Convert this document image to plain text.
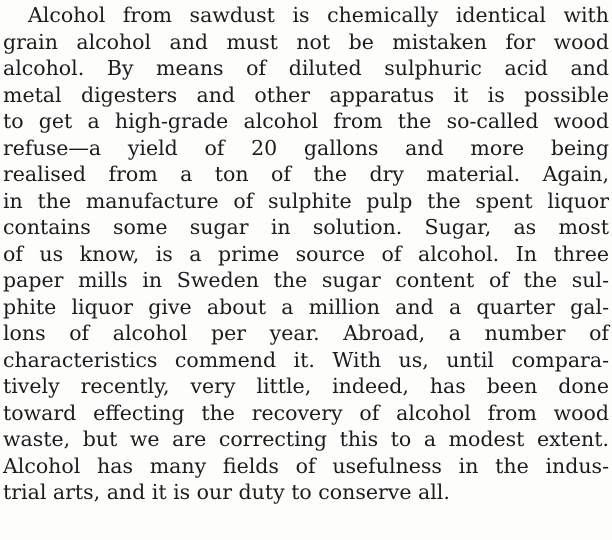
Alcohol from sawdust is chemically identical with
grain alcohol and must not be mistaken for wood
alcohol. By means of diluted sulphuric acid and
metal digesters and other apparatus it is possible
to get a high-grade alcohol from the so-called wood
refuse—a yield of 20 gallons and more being
realised from a ton of the dry material. Again,
in the manufacture of sulphite pulp the spent liquor
contains some sugar in solution. Sugar, as most
of us know, is a prime source of alcohol. In three
paper mills in Sweden the sugar content of the sul-
phite liquor give about a million and a quarter gal-
lons of alcohol per year. Abroad, a number of
characteristics commend it. With us, until compara-
tively recently, very little, indeed, has been done
toward effecting the recovery of alcohol from wood
waste, but we are correcting this to a modest extent.
Alcohol has many fields of usefulness in the indus-
trial arts, and it is our duty to conserve all.
